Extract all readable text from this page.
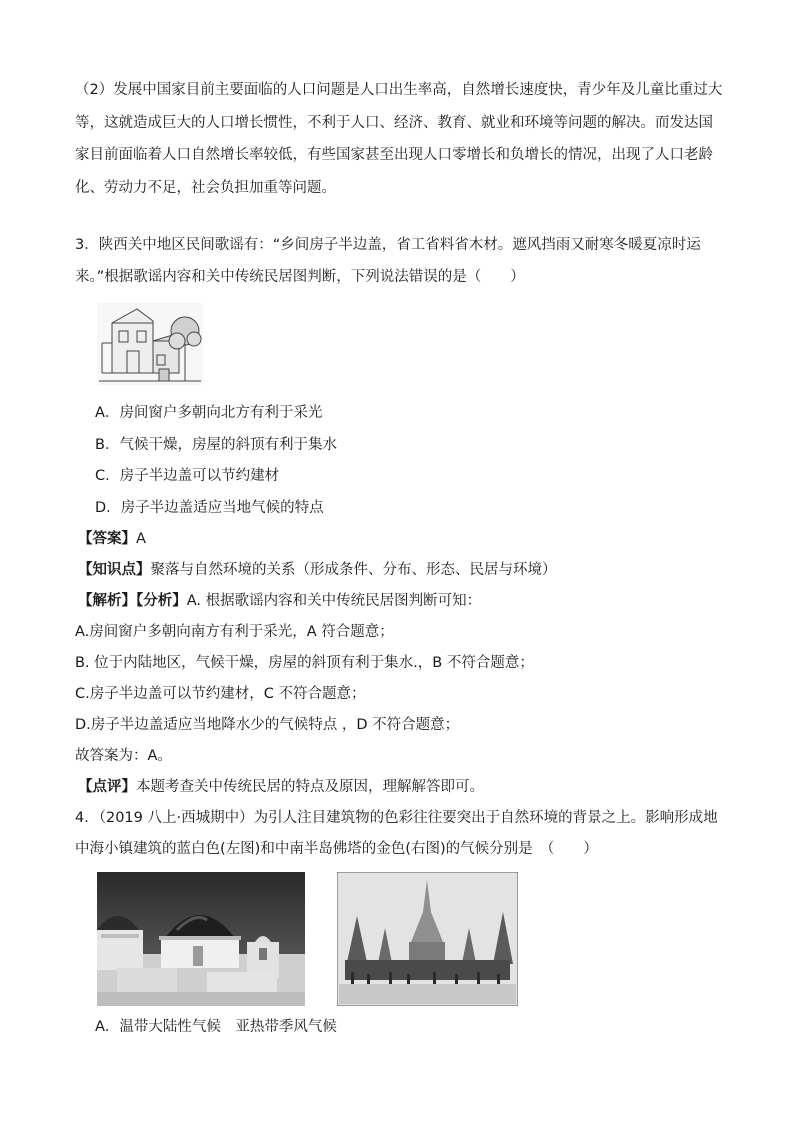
（2）发展中国家目前主要面临的人口问题是人口出生率高，自然增长速度快，青少年及儿童比重过大等，这就造成巨大的人口增长惯性，不利于人口、经济、教育、就业和环境等问题的解决。而发达国家目前面临着人口自然增长率较低，有些国家甚至出现人口零增长和负增长的情况，出现了人口老龄化、劳动力不足，社会负担加重等问题。

3．陕西关中地区民间歌谣有：“乡间房子半边盖，省工省料省木材。遮风挡雨又耐寒冬暖夏凉时运

来。”根据歌谣内容和关中传统民居图判断，下列说法错误的是（　　）

A．房间窗户多朝向北方有利于采光

B．气候干燥，房屋的斜顶有利于集水

C．房子半边盖可以节约建材

D．房子半边盖适应当地气候的特点

【答案】A

【知识点】聚落与自然环境的关系（形成条件、分布、形态、民居与环境）

【解析】【分析】A. 根据歌谣内容和关中传统民居图判断可知：

A.房间窗户多朝向南方有利于采光，A 符合题意；

B. 位于内陆地区，气候干燥，房屋的斜顶有利于集水.，B 不符合题意；

C.房子半边盖可以节约建材，C 不符合题意；

D.房子半边盖适应当地降水少的气候特点 ，D 不符合题意；

故答案为：A。

【点评】本题考查关中传统民居的特点及原因，理解解答即可。

4．（2019 八上·西城期中）为引人注目建筑物的色彩往往要突出于自然环境的背景之上。影响形成地

中海小镇建筑的蓝白色(左图)和中南半岛佛塔的金色(右图)的气候分别是　（　　）

A．温带大陆性气候　亚热带季风气候
